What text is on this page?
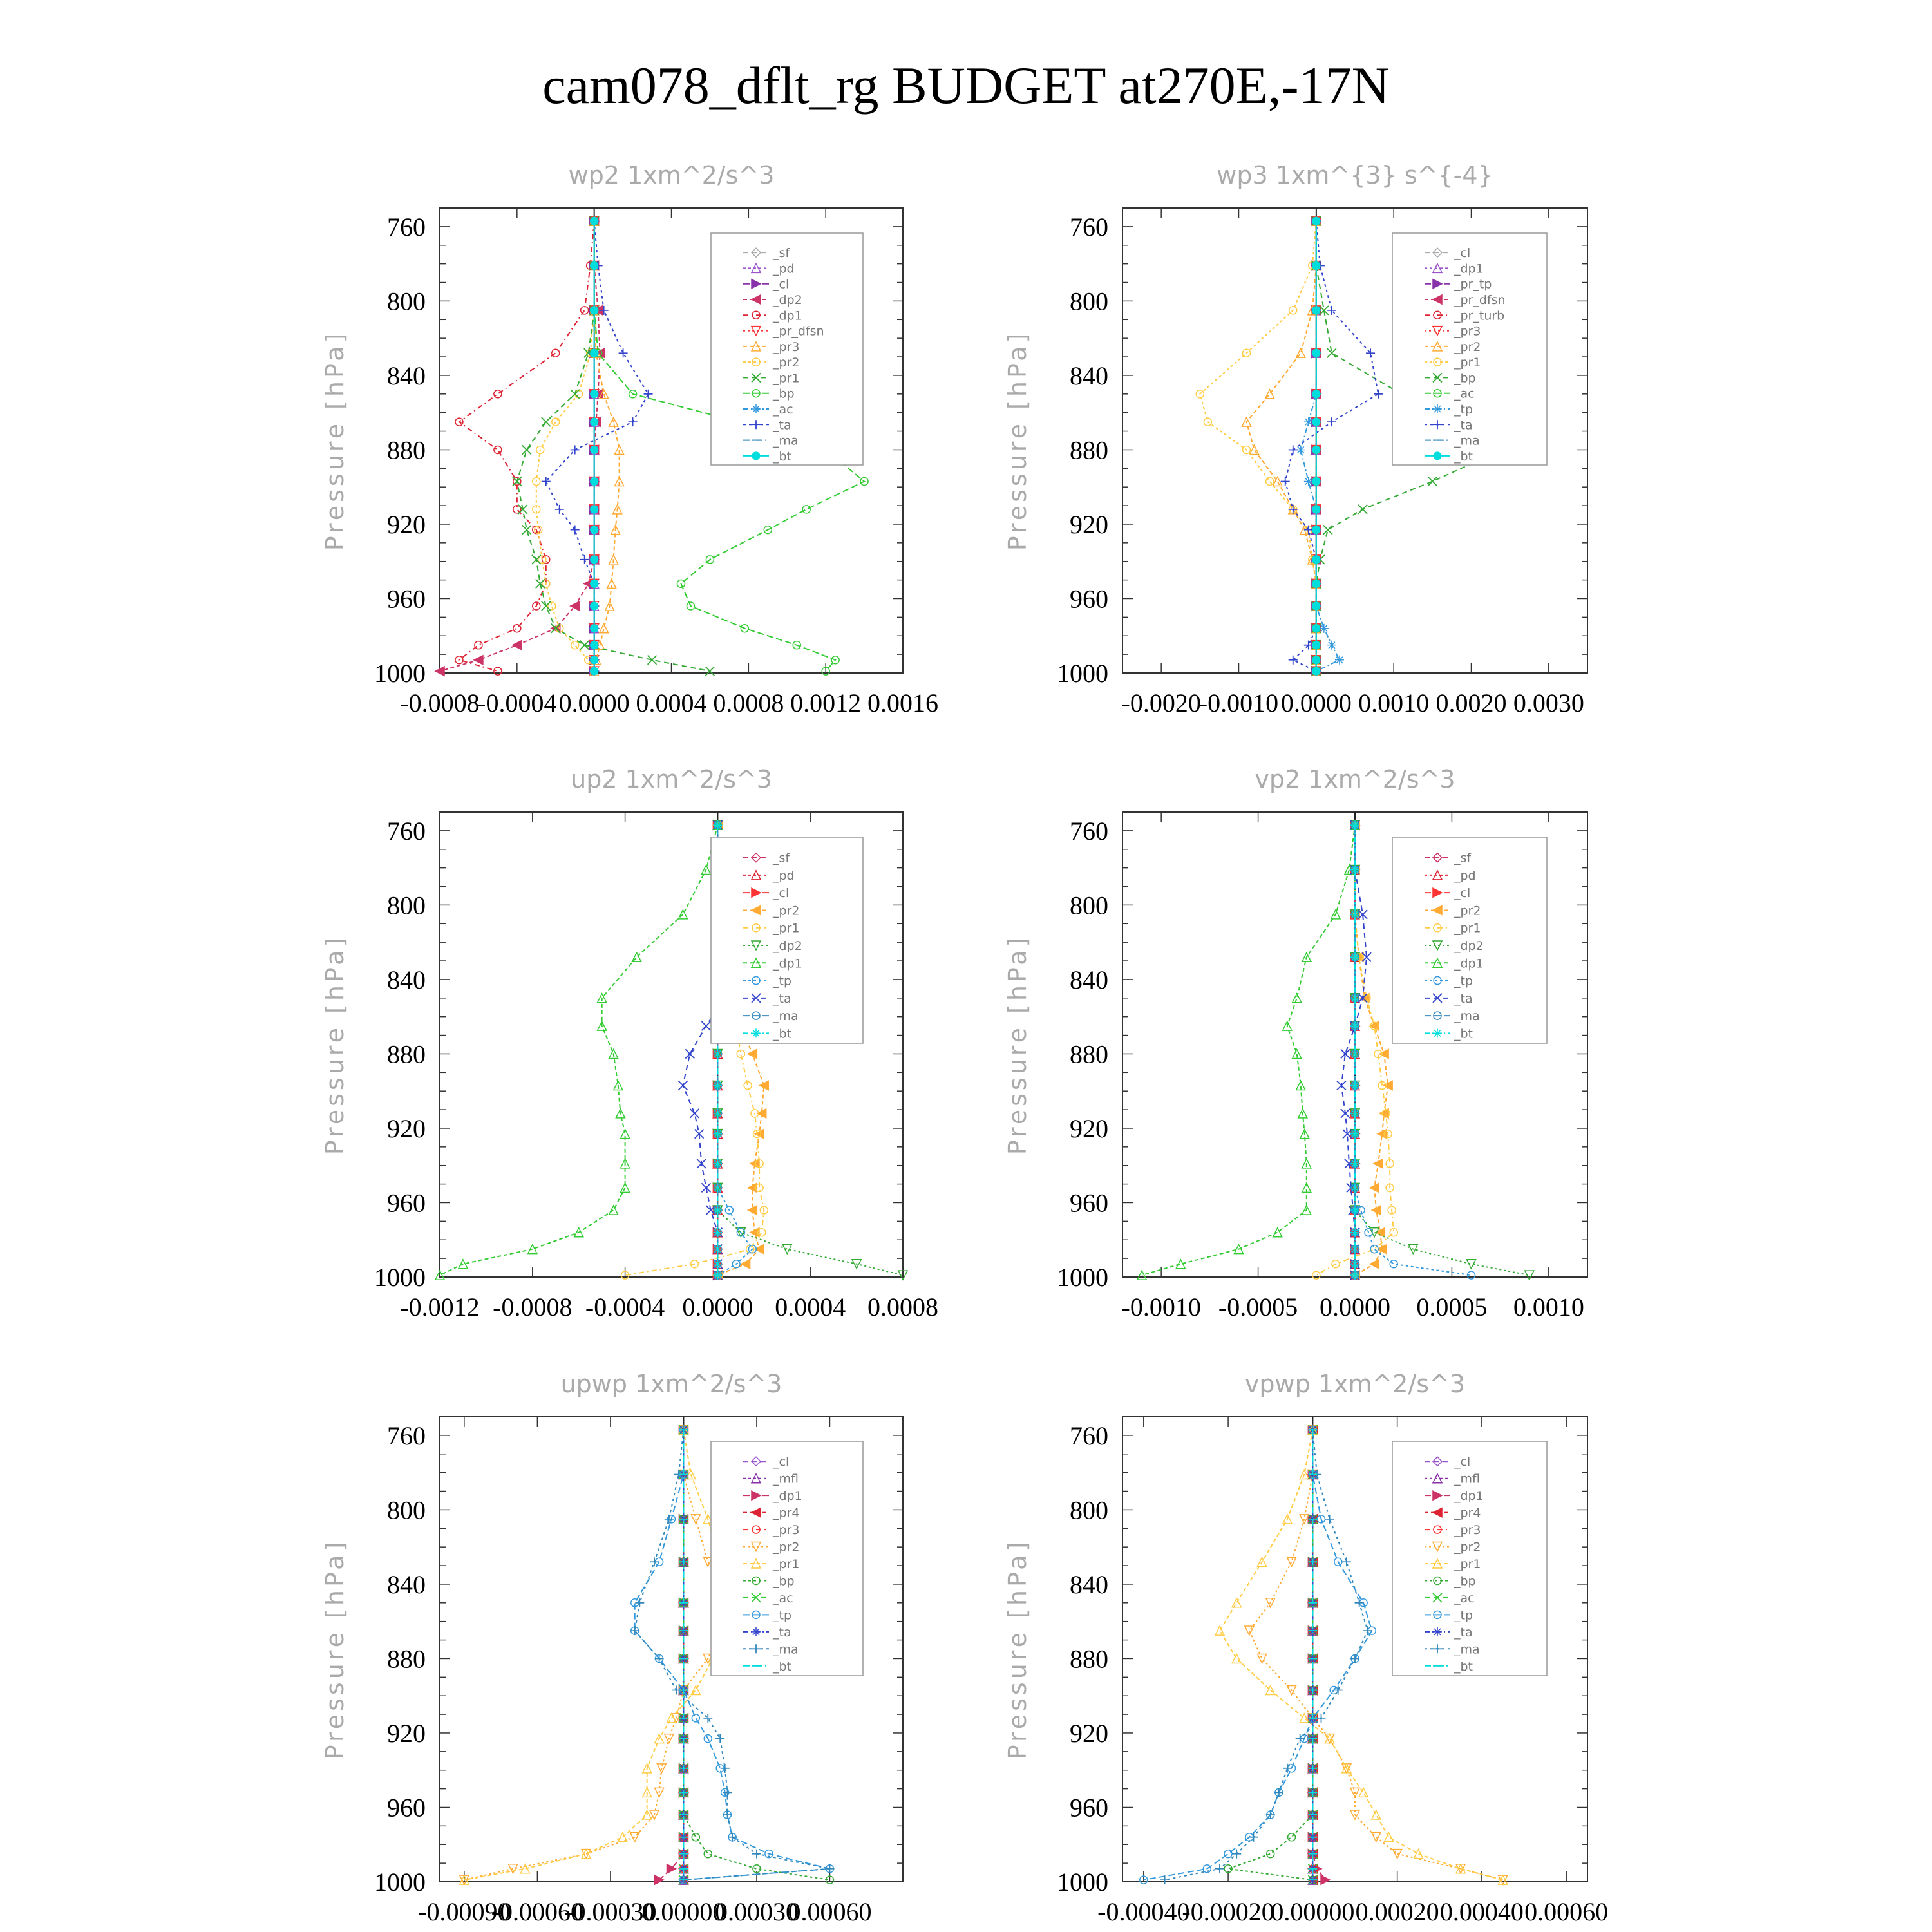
cam078_dflt_rg BUDGET at270E,-17N
wp2 1xm^2/s^3
Pressure [hPa]
760
800
840
880
920
960
1000
-0.0008
-0.0004 0.0000 0.0004 0.0008 0.0012 0.0016
_sf
_pd
_cl
_dp2
_dp1
_pr_dfsn
_pr3
_pr2
_pr1
_bp
_ac
_ta
_ma
_bt
wp3 1xm^{3} s^{-4}
Pressure [hPa]
760
800
840
880
920
960
1000
-0.0020
-0.0010 0.0000 0.0010 0.0020 0.0030
_cl
_dp1
_pr_tp
_pr_dfsn
_pr_turb
_pr3
_pr2
_pr1
_bp
_ac
_tp
_ta
_ma
_bt
up2 1xm^2/s^3
Pressure [hPa]
760
800
840
880
920
960
1000
-0.0012 -0.0008 -0.0004 0.0000 0.0004 0.0008
_sf
_pd
_cl
_pr2
_pr1
_dp2
_dp1
_tp
_ta
_ma
_bt
vp2 1xm^2/s^3
Pressure [hPa]
760
800
840
880
920
960
1000
-0.0010 -0.0005 0.0000 0.0005 0.0010
_sf
_pd
_cl
_pr2
_pr1
_dp2
_dp1
_tp
_ta
_ma
_bt
upwp 1xm^2/s^3
Pressure [hPa]
760
800
840
880
920
960
1000
-0.00090
-0.00060
-0.00030
0.00000
0.00030
0.00060
_cl
_mfl
_dp1
_pr4
_pr3
_pr2
_pr1
_bp
_ac
_tp
_ta
_ma
_bt
vpwp 1xm^2/s^3
Pressure [hPa]
760
800
840
880
920
960
1000
-0.00040
-0.00020
0.00000 0.00020 0.00040 0.00060
_cl
_mfl
_dp1
_pr4
_pr3
_pr2
_pr1
_bp
_ac
_tp
_ta
_ma
_bt
